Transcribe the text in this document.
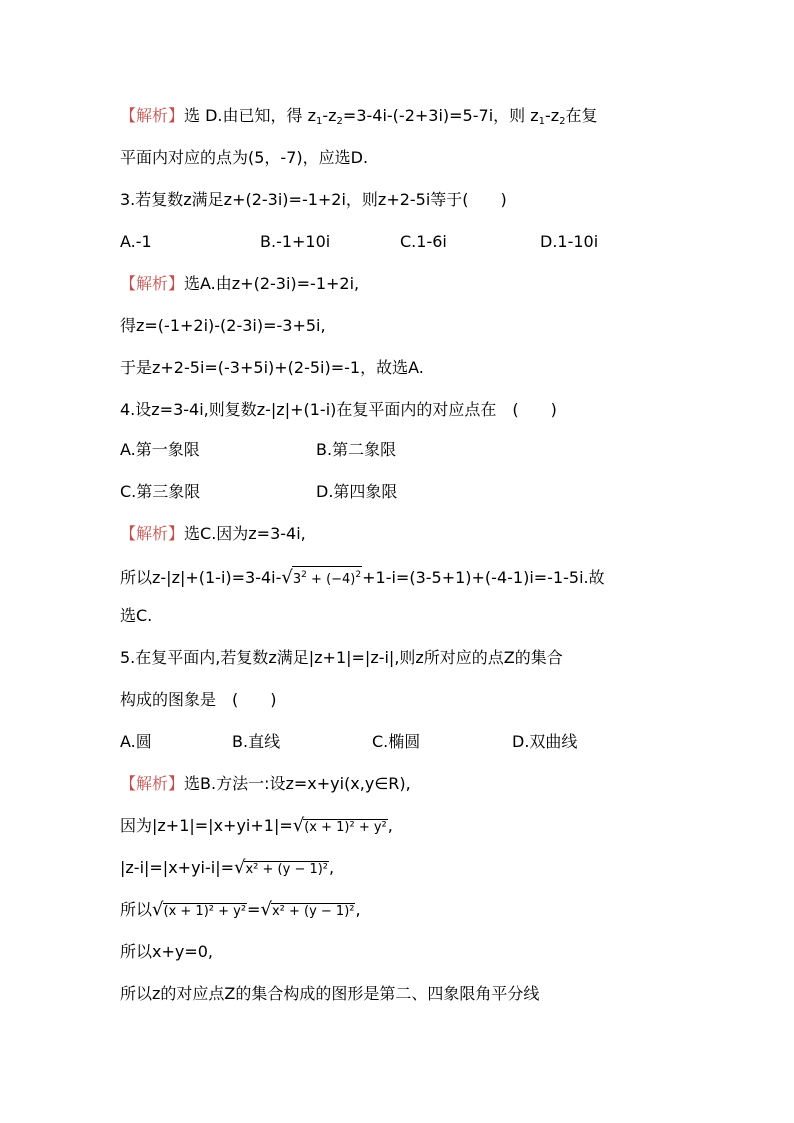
【解析】选 D.由已知，得 $z_1-z_2=3-4i-(-2+3i)=5-7i$，则 $z_1-z_2$在复
平面内对应的点为(5，-7)，应选D.
3.若复数z满足z+(2-3i)=-1+2i，则z+2-5i等于(　　)
A.-1	B.-1+10i	C.1-6i	D.1-10i
【解析】选A.由z+(2-3i)=-1+2i,
得z=(-1+2i)-(2-3i)=-3+5i,
于是z+2-5i=(-3+5i)+(2-5i)=-1，故选A.
4.设z=3-4i,则复数z-|z|+(1-i)在复平面内的对应点在　(　　)
A.第一象限	B.第二象限
C.第三象限	D.第四象限
【解析】选C.因为z=3-4i,
所以$z-|z|+(1-i)=3-4i-√3^2 + (-4)^2+1-i=(3-5+1)+(-4-1)i=-1-5i$.故
选C.
5.在复平面内,若复数z满足|z+1|=|z-i|,则z所对应的点Z的集合
构成的图象是　(　　)
A.圆	B.直线	C.椭圆	D.双曲线
【解析】选B.方法一:设z=x+yi(x,y∈R),
因为|z+1|=|x+yi+1|=√(x + 1)² + y²,
|z-i|=|x+yi-i|=√x² + (y − 1)²,
所以√(x + 1)² + y²=√x² + (y − 1)²,
所以x+y=0,
所以z的对应点Z的集合构成的图形是第二、四象限角平分线
